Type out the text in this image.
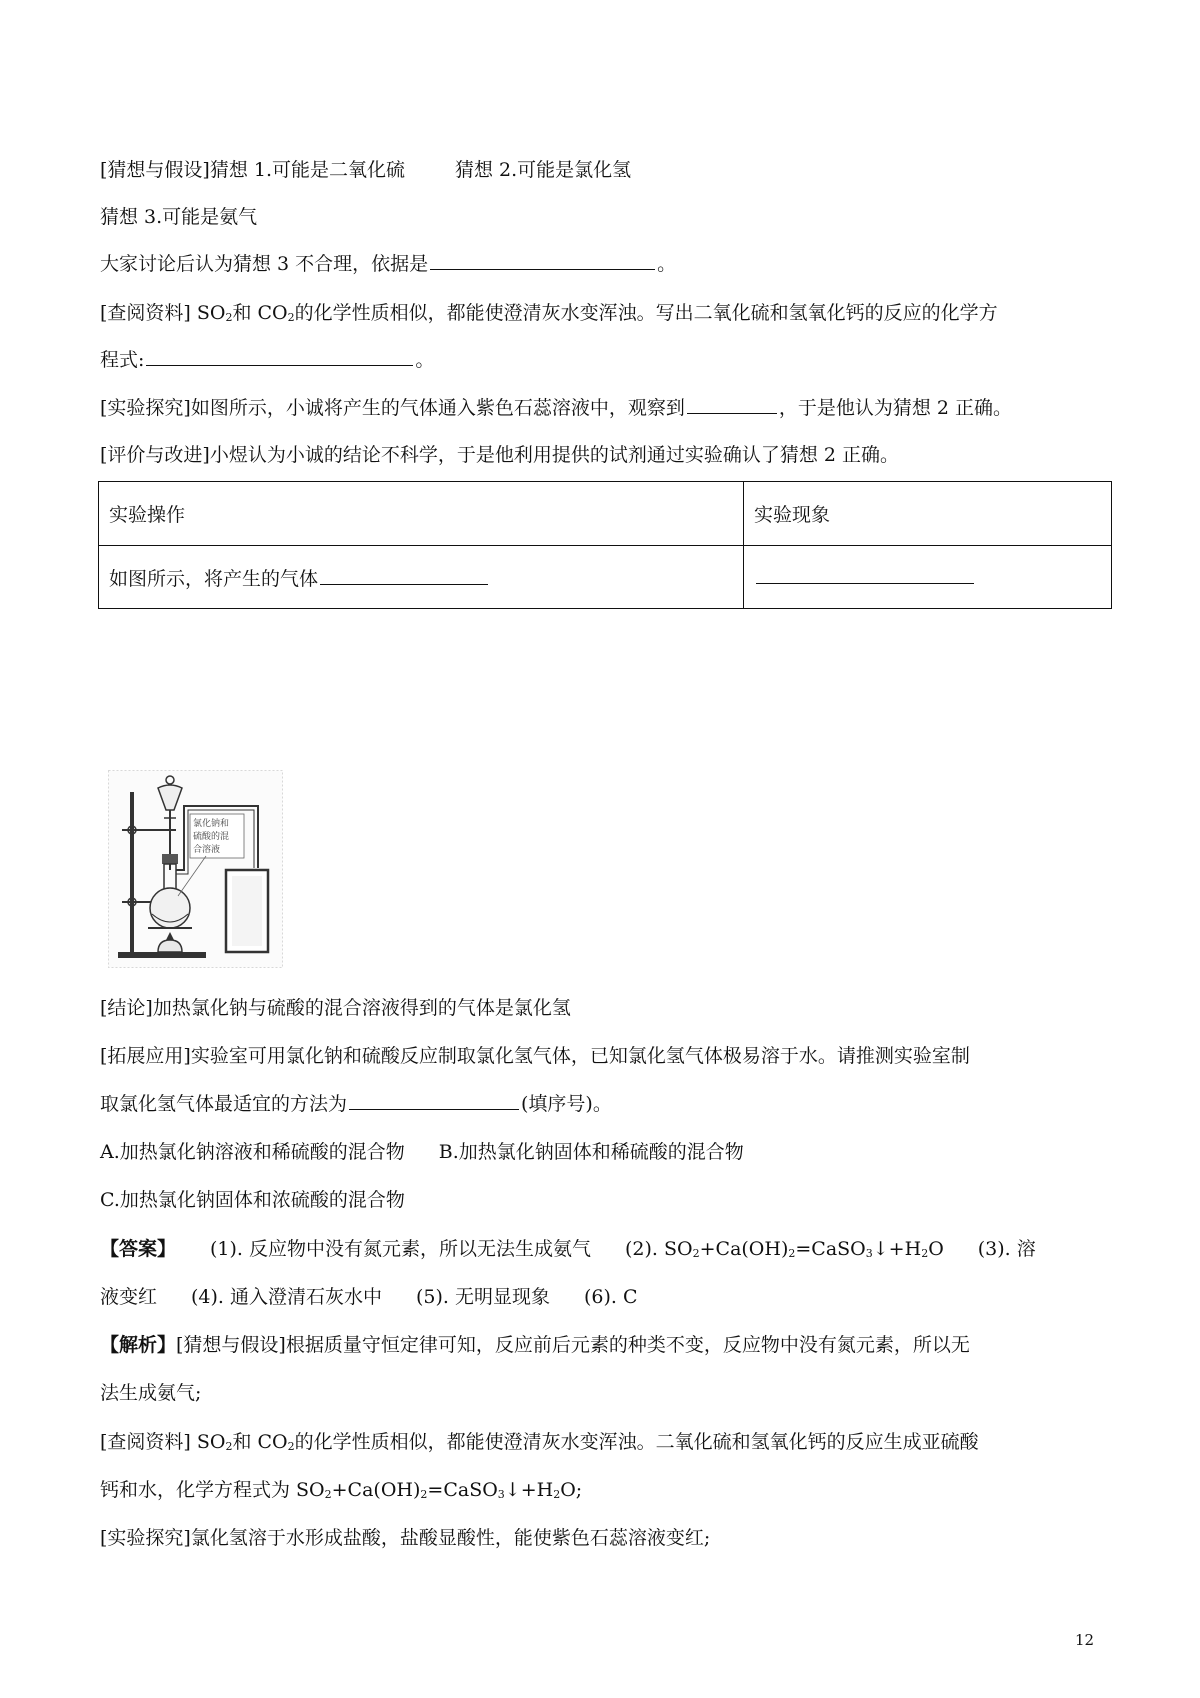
[猜想与假设]猜想 1.可能是二氧化硫	猜想 2.可能是氯化氢
猜想 3.可能是氨气
大家讨论后认为猜想 3 不合理，依据是	。
[查阅资料] $SO_2$和 $CO_2$的化学性质相似，都能使澄清灰水变浑浊。写出二氧化硫和氢氧化钙的反应的化学方
程式:	。
[实验探究]如图所示，小诚将产生的气体通入紫色石蕊溶液中，观察到	，于是他认为猜想 2 正确。
[评价与改进]小煜认为小诚的结论不科学，于是他利用提供的试剂通过实验确认了猜想 2 正确。
实验操作	实验现象
如图所示，将产生的气体	
氯化钠和
硫酸的混
合溶液
[结论]加热氯化钠与硫酸的混合溶液得到的气体是氯化氢
[拓展应用]实验室可用氯化钠和硫酸反应制取氯化氢气体，已知氯化氢气体极易溶于水。请推测实验室制
取氯化氢气体最适宜的方法为	(填序号)。
A.加热氯化钠溶液和稀硫酸的混合物 B.加热氯化钠固体和稀硫酸的混合物
C.加热氯化钠固体和浓硫酸的混合物
【答案】 (1). 反应物中没有氮元素，所以无法生成氨气 (2). $SO_2+Ca(OH)_2=CaSO_3↓+H_2O$ (3). 溶
液变红 (4). 通入澄清石灰水中 (5). 无明显现象 (6). C
【解析】[猜想与假设]根据质量守恒定律可知，反应前后元素的种类不变，反应物中没有氮元素，所以无
法生成氨气;
[查阅资料] $SO_2$和 $CO_2$的化学性质相似，都能使澄清灰水变浑浊。二氧化硫和氢氧化钙的反应生成亚硫酸
钙和水，化学方程式为 $SO_2+Ca(OH)_2=CaSO_3↓+H_2O$;
[实验探究]氯化氢溶于水形成盐酸，盐酸显酸性，能使紫色石蕊溶液变红;
12
